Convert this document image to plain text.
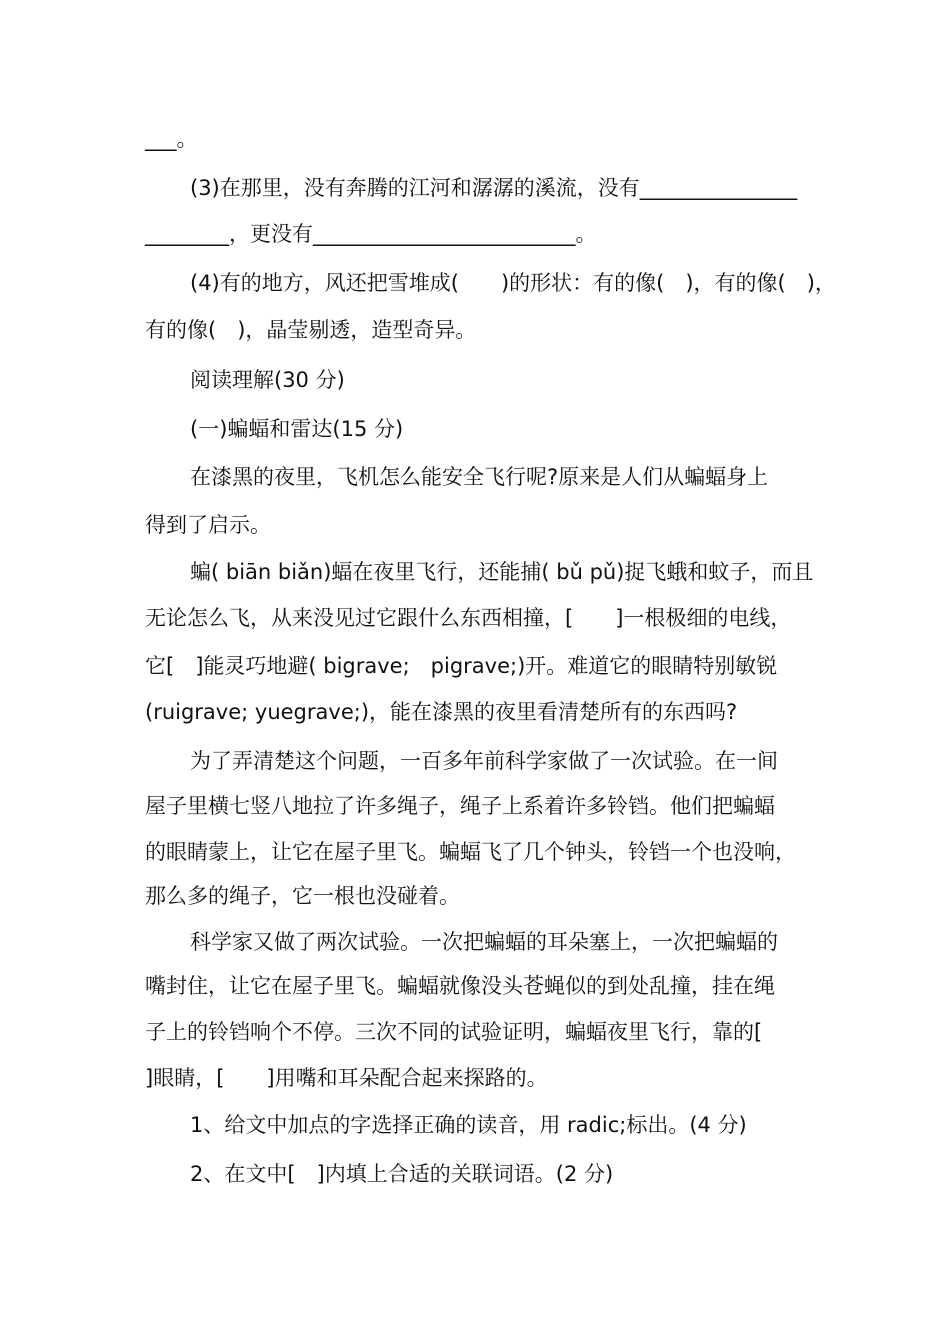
___。
(3)在那里，没有奔腾的江河和潺潺的溪流，没有_______________
________，更没有_________________________。
(4)有的地方，风还把雪堆成(　　)的形状：有的像(　)，有的像(　)，
有的像(　)，晶莹剔透，造型奇异。
阅读理解(30 分)
(一)蝙蝠和雷达(15 分)
在漆黑的夜里，飞机怎么能安全飞行呢?原来是人们从蝙蝠身上
得到了启示。
蝙( biān biǎn)蝠在夜里飞行，还能捕( bǔ pǔ)捉飞蛾和蚊子，而且
无论怎么飞，从来没见过它跟什么东西相撞，[　　]一根极细的电线，
它[　]能灵巧地避( bigrave;　pigrave;)开。难道它的眼睛特别敏锐
(ruigrave; yuegrave;)，能在漆黑的夜里看清楚所有的东西吗?
为了弄清楚这个问题，一百多年前科学家做了一次试验。在一间
屋子里横七竖八地拉了许多绳子，绳子上系着许多铃铛。他们把蝙蝠
的眼睛蒙上，让它在屋子里飞。蝙蝠飞了几个钟头，铃铛一个也没响，
那么多的绳子，它一根也没碰着。
科学家又做了两次试验。一次把蝙蝠的耳朵塞上，一次把蝙蝠的
嘴封住，让它在屋子里飞。蝙蝠就像没头苍蝇似的到处乱撞，挂在绳
子上的铃铛响个不停。三次不同的试验证明，蝙蝠夜里飞行，靠的[
]眼睛，[　　]用嘴和耳朵配合起来探路的。
1、给文中加点的字选择正确的读音，用 radic;标出。(4 分)
2、在文中[　]内填上合适的关联词语。(2 分)
